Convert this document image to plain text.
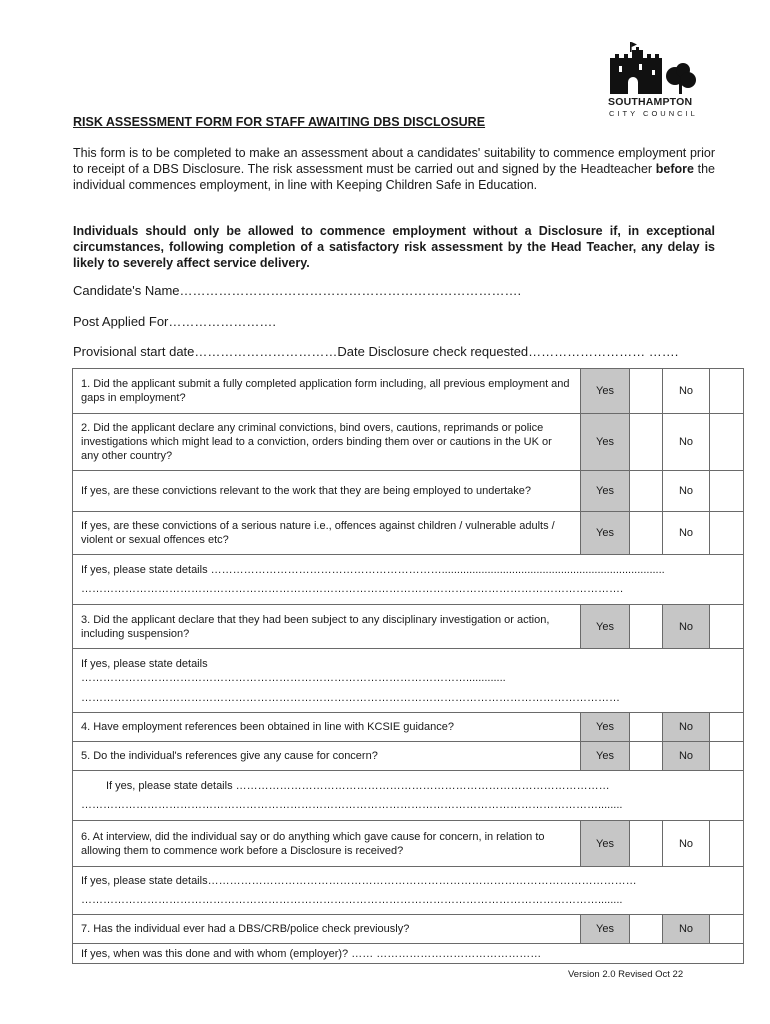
SOUTHAMPTON
CITY COUNCIL
RISK ASSESSMENT FORM FOR STAFF AWAITING DBS DISCLOSURE
This form is to be completed to make an assessment about a candidates' suitability to commence employment prior to receipt of a DBS Disclosure. The risk assessment must be carried out and signed by the Headteacher before the individual commences employment, in line with Keeping Children Safe in Education.
Individuals should only be allowed to commence employment without a Disclosure if, in exceptional circumstances, following completion of a satisfactory risk assessment by the Head Teacher, any delay is likely to severely affect service delivery.
Candidate's Name…………………………………………………………………….
Post Applied For…………………….
Provisional start date……………………………Date Disclosure check requested……………………… …….
1. Did the applicant submit a fully completed application form including, all previous employment and gaps in employment?	Yes		No	
2. Did the applicant declare any criminal convictions, bind overs, cautions, reprimands or police investigations which might lead to a conviction, orders binding them over or cautions in the UK or any other country?	Yes		No	
If yes, are these convictions relevant to the work that they are being employed to undertake?	Yes		No	
If yes, are these convictions of a serious nature i.e., offences against children / vulnerable adults / violent or sexual offences etc?	Yes		No	

If yes, please state details ……………………………………………………….........................................................................
………………………………………………………………………………………………………………………………….				

3. Did the applicant declare that they had been subject to any disciplinary investigation or action, including suspension?	Yes		No	

If yes, please state details
…………………………………………………………………………………………….............
…………………………………………………………………………………………………………………………………				

4. Have employment references been obtained in line with KCSIE guidance?	Yes		No	
5. Do the individual's references give any cause for concern?	Yes		No	

If yes, please state details …………………………………………………………………………………………
……………………………………………………………………………………………………………………………........				

6. At interview, did the individual say or do anything which gave cause for concern, in relation to allowing them to commence work before a Disclosure is received?	Yes		No	

If yes, please state details………………………………………………………………………………………………………
……………………………………………………………………………………………………………………………........				

7. Has the individual ever had a DBS/CRB/police check previously?	Yes		No	
If yes, when was this done and with whom (employer)? …… ………………………………………				
Version 2.0 Revised Oct 22
